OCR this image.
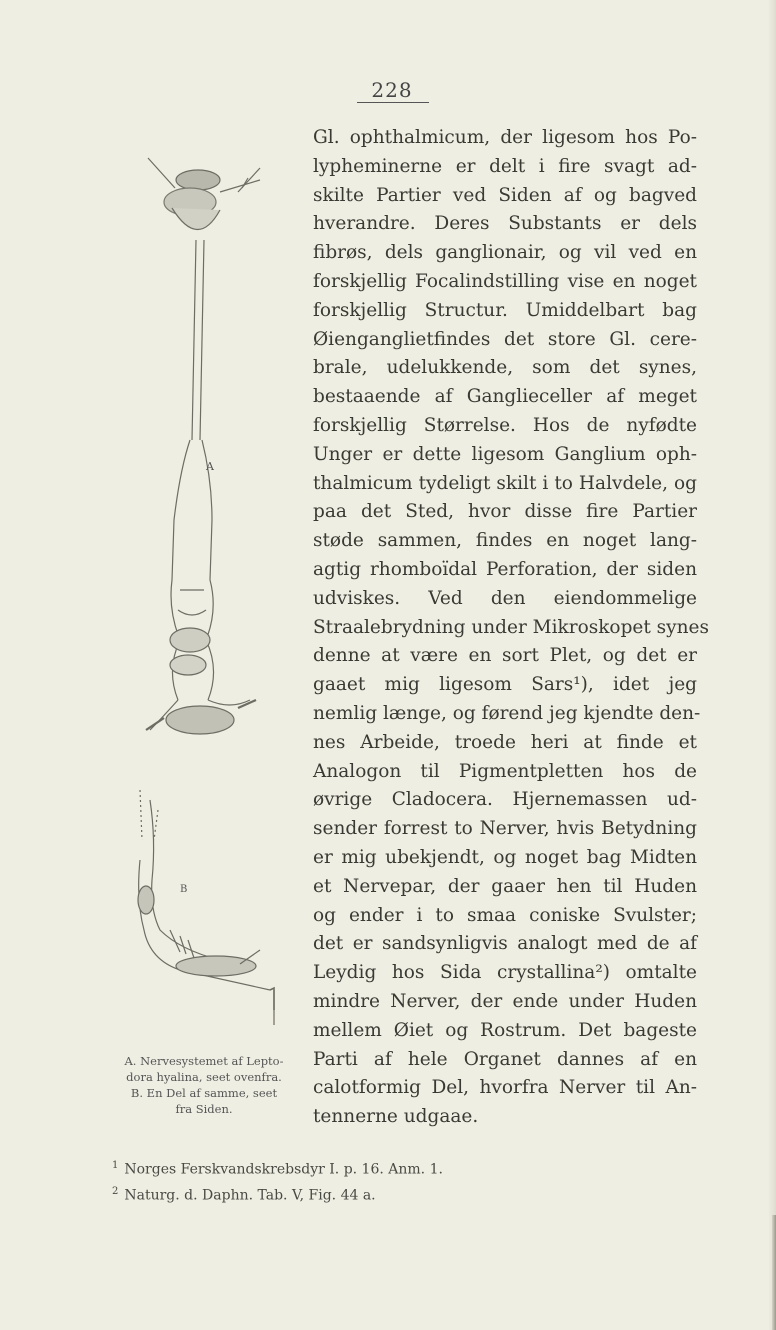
228
Gl. ophthalmicum, der ligesom hos Po-
lypheminerne er delt i fire svagt ad-
skilte Partier ved Siden af og bagved
hverandre. Deres Substants er dels
fibrøs, dels ganglionair, og vil ved en
forskjellig Focalindstilling vise en noget
forskjellig Structur. Umiddelbart bag
Øienganglietfindes det store Gl. cere-
brale, udelukkende, som det synes,
bestaaende af Ganglieceller af meget
forskjellig Størrelse. Hos de nyfødte
Unger er dette ligesom Ganglium oph-
thalmicum tydeligt skilt i to Halvdele, og
paa det Sted, hvor disse fire Partier
støde sammen, findes en noget lang-
agtig rhomboïdal Perforation, der siden
udviskes. Ved den eiendommelige
Straalebrydning under Mikroskopet synes
denne at være en sort Plet, og det er
gaaet mig ligesom Sars¹), idet jeg
nemlig længe, og førend jeg kjendte den-
nes Arbeide, troede heri at finde et
Analogon til Pigmentpletten hos de
øvrige Cladocera. Hjernemassen ud-
sender forrest to Nerver, hvis Betydning
er mig ubekjendt, og noget bag Midten
et Nervepar, der gaaer hen til Huden
og ender i to smaa coniske Svulster;
det er sandsynligvis analogt med de af
Leydig hos Sida crystallina²) omtalte
mindre Nerver, der ende under Huden
mellem Øiet og Rostrum. Det bageste
Parti af hele Organet dannes af en
calotformig Del, hvorfra Nerver til An-
tennerne udgaae.
A
B
A. Nervesystemet af Lepto-
dora hyalina, seet ovenfra.
B. En Del af samme, seet
fra Siden.
$^1$ Norges Ferskvandskrebsdyr I. p. 16. Anm. 1.
$^2$ Naturg. d. Daphn. Tab. V, Fig. 44 a.
